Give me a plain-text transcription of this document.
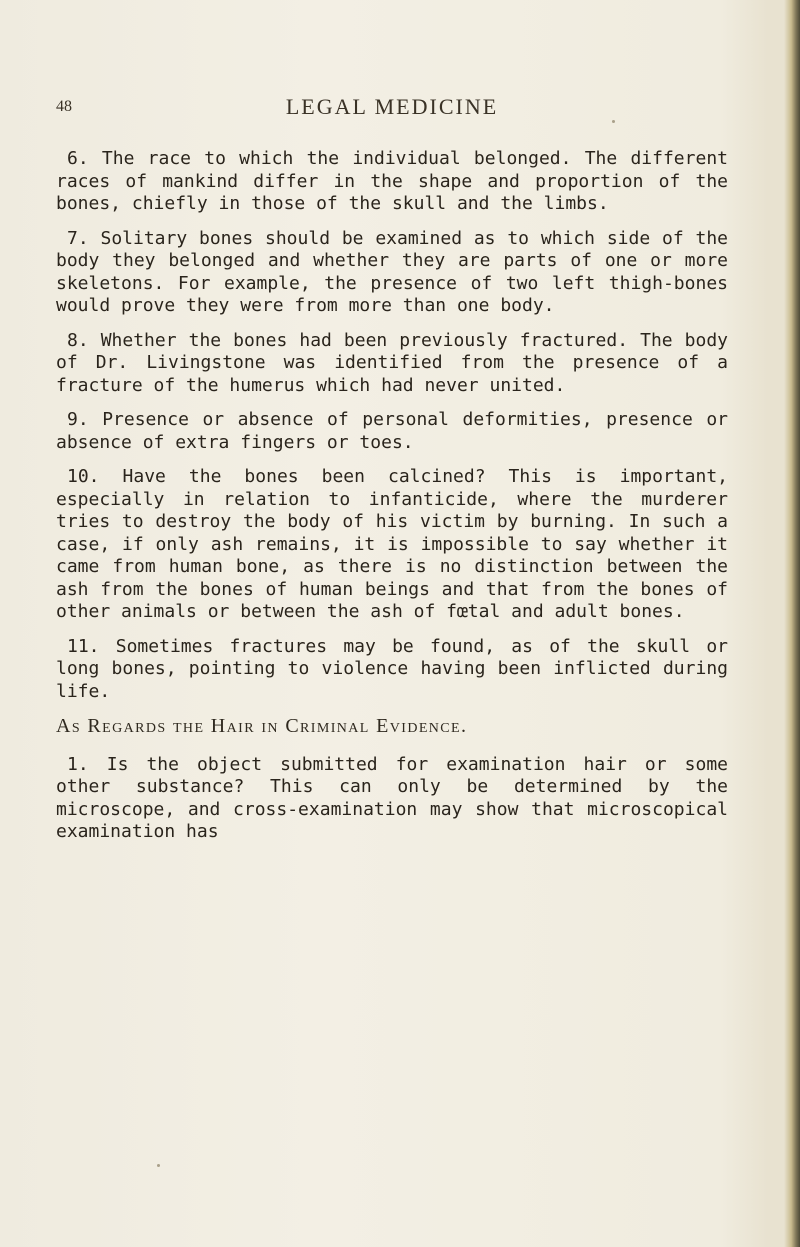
48	LEGAL MEDICINE

6. The race to which the individual belonged. The different races of mankind differ in the shape and proportion of the bones, chiefly in those of the skull and the limbs.

7. Solitary bones should be examined as to which side of the body they belonged and whether they are parts of one or more skeletons. For example, the presence of two left thigh-bones would prove they were from more than one body.

8. Whether the bones had been previously fractured. The body of Dr. Livingstone was identified from the presence of a fracture of the humerus which had never united.

9. Presence or absence of personal deformities, presence or absence of extra fingers or toes.

10. Have the bones been calcined? This is important, especially in relation to infanticide, where the murderer tries to destroy the body of his victim by burning. In such a case, if only ash remains, it is impossible to say whether it came from human bone, as there is no distinction between the ash from the bones of human beings and that from the bones of other animals or between the ash of fœtal and adult bones.

11. Sometimes fractures may be found, as of the skull or long bones, pointing to violence having been inflicted during life.

As Regards the Hair in Criminal Evidence.

1. Is the object submitted for examination hair or some other substance? This can only be determined by the microscope, and cross-examination may show that microscopical examination has
